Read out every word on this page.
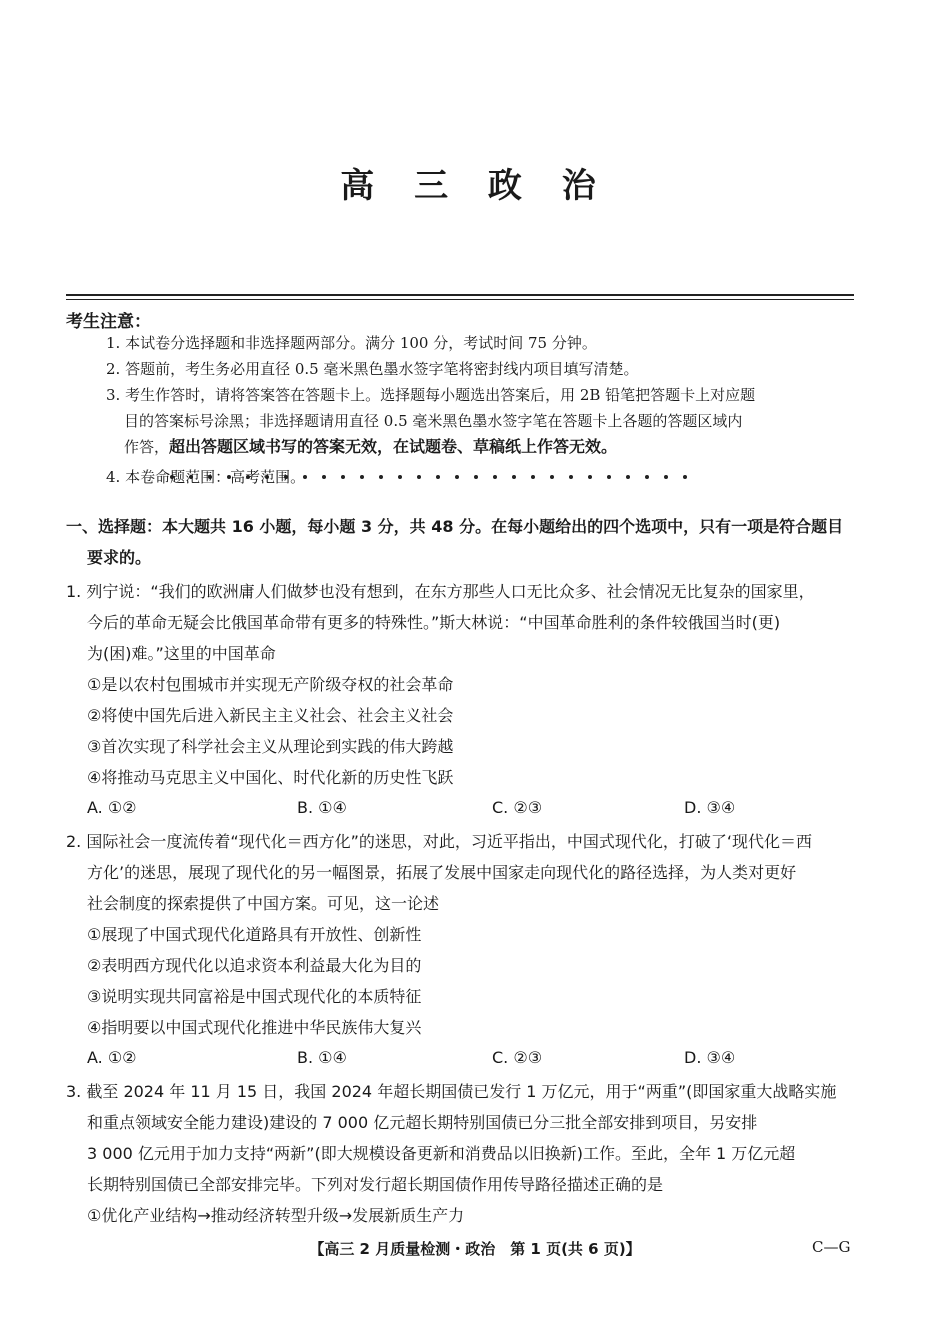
高 三 政 治
考生注意：
1. 本试卷分选择题和非选择题两部分。满分 100 分，考试时间 75 分钟。
2. 答题前，考生务必用直径 0.5 毫米黑色墨水签字笔将密封线内项目填写清楚。
3. 考生作答时，请将答案答在答题卡上。选择题每小题选出答案后，用 2B 铅笔把答题卡上对应题
目的答案标号涂黑；非选择题请用直径 0.5 毫米黑色墨水签字笔在答题卡上各题的答题区域内
作答，超出答题区域书写的答案无效，在试题卷、草稿纸上作答无效。
4. 本卷命题范围：高考范围。
一、选择题：本大题共 16 小题，每小题 3 分，共 48 分。在每小题给出的四个选项中，只有一项是符合题目
要求的。
1. 列宁说：“我们的欧洲庸人们做梦也没有想到，在东方那些人口无比众多、社会情况无比复杂的国家里，
今后的革命无疑会比俄国革命带有更多的特殊性。”斯大林说：“中国革命胜利的条件较俄国当时(更)
为(困)难。”这里的中国革命
①是以农村包围城市并实现无产阶级夺权的社会革命
②将使中国先后进入新民主主义社会、社会主义社会
③首次实现了科学社会主义从理论到实践的伟大跨越
④将推动马克思主义中国化、时代化新的历史性飞跃
A. ①②	B. ①④	C. ②③	D. ③④
2. 国际社会一度流传着“现代化＝西方化”的迷思，对此，习近平指出，中国式现代化，打破了‘现代化＝西
方化’的迷思，展现了现代化的另一幅图景，拓展了发展中国家走向现代化的路径选择，为人类对更好
社会制度的探索提供了中国方案。可见，这一论述
①展现了中国式现代化道路具有开放性、创新性
②表明西方现代化以追求资本利益最大化为目的
③说明实现共同富裕是中国式现代化的本质特征
④指明要以中国式现代化推进中华民族伟大复兴
A. ①②	B. ①④	C. ②③	D. ③④
3. 截至 2024 年 11 月 15 日，我国 2024 年超长期国债已发行 1 万亿元，用于“两重”(即国家重大战略实施
和重点领域安全能力建设)建设的 7 000 亿元超长期特别国债已分三批全部安排到项目，另安排
3 000 亿元用于加力支持“两新”(即大规模设备更新和消费品以旧换新)工作。至此，全年 1 万亿元超
长期特别国债已全部安排完毕。下列对发行超长期国债作用传导路径描述正确的是
①优化产业结构→推动经济转型升级→发展新质生产力
【高三 2 月质量检测・政治　第 1 页(共 6 页)】	C—G
